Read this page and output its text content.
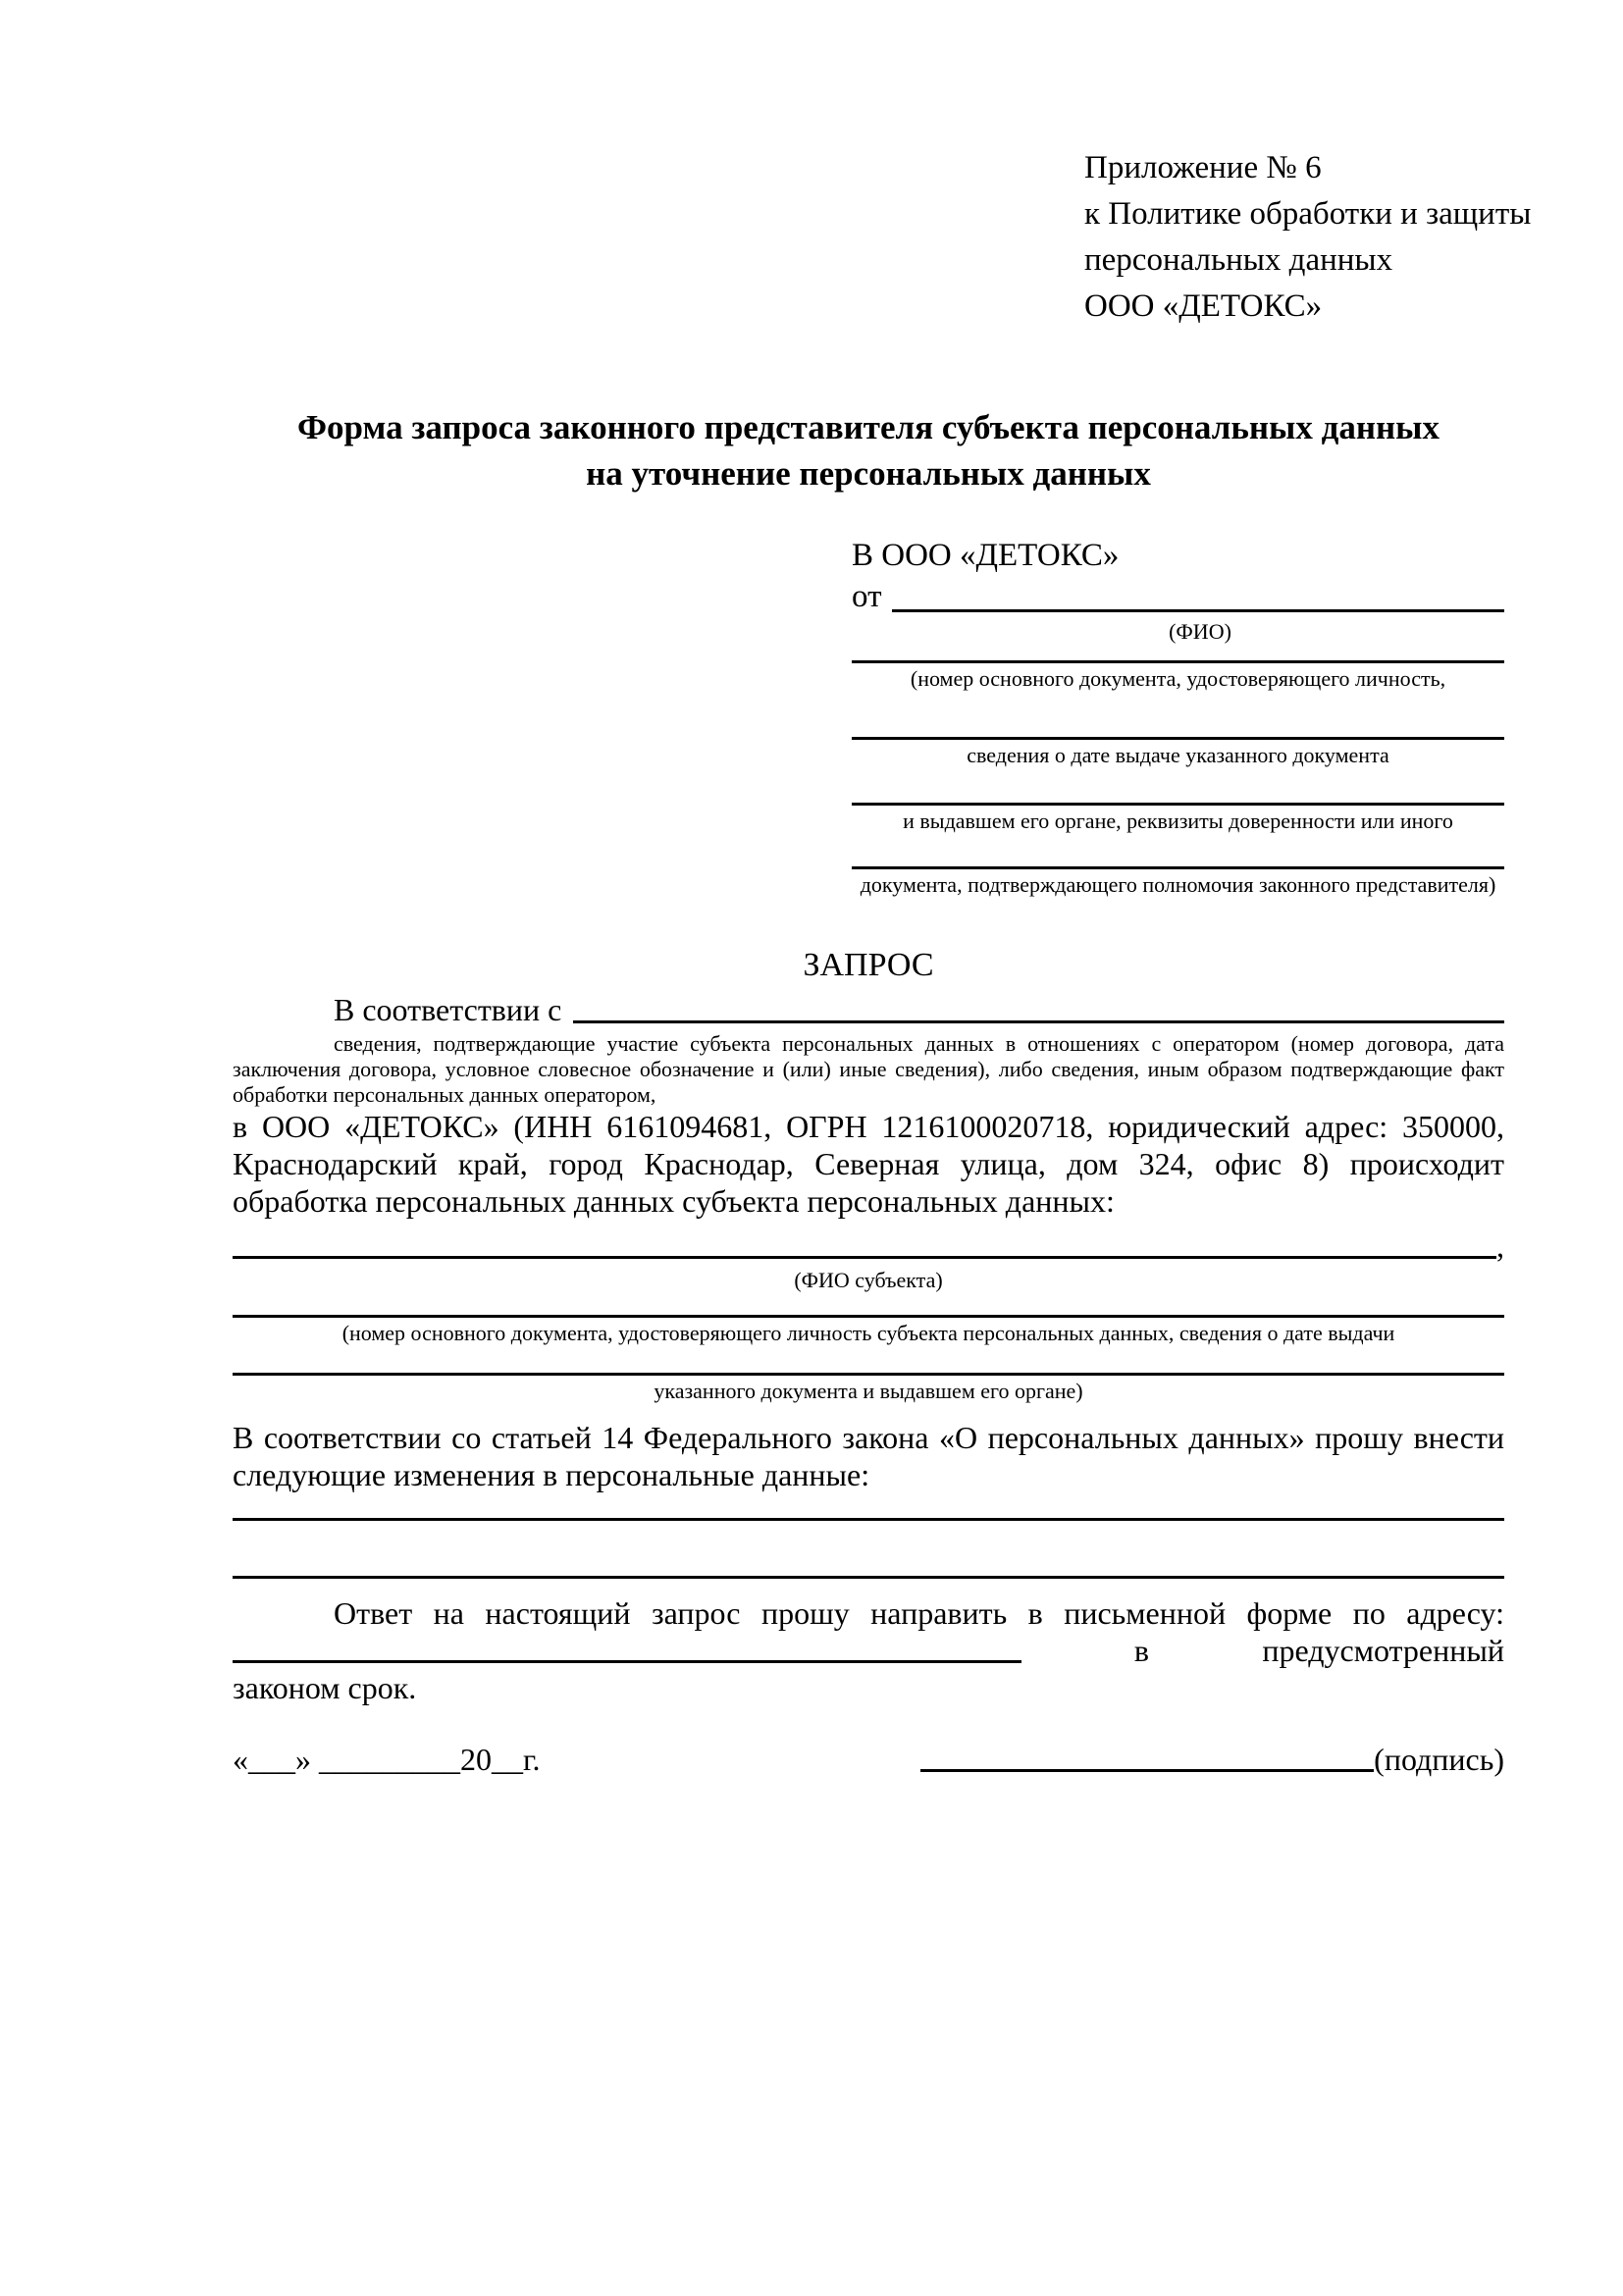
Приложение № 6
к Политике обработки и защиты
персональных данных
ООО «ДЕТОКС»
Форма запроса законного представителя субъекта персональных данных
на уточнение персональных данных
В ООО «ДЕТОКС»
от
(ФИО)
(номер основного документа, удостоверяющего личность,
сведения о дате выдаче указанного документа
и выдавшем его органе, реквизиты доверенности или иного
документа, подтверждающего полномочия законного представителя)
ЗАПРОС
В соответствии с
сведения, подтверждающие участие субъекта персональных данных в отношениях с оператором (номер договора, дата заключения договора, условное словесное обозначение и (или) иные сведения), либо сведения, иным образом подтверждающие факт обработки персональных данных оператором,

в ООО «ДЕТОКС» (ИНН 6161094681, ОГРН 1216100020718, юридический адрес: 350000, Краснодарский край, город Краснодар, Северная улица, дом 324, офис 8) происходит обработка персональных данных субъекта персональных данных:

,
(ФИО субъекта)
(номер основного документа, удостоверяющего личность субъекта персональных данных, сведения о дате выдачи
указанного документа и выдавшем его органе)

В соответствии со статьей 14 Федерального закона «О персональных данных» прошу внести следующие изменения в персональные данные:

Ответ на настоящий запрос прошу направить в письменной форме по адресу:
в	предусмотренный
законом срок.
«___» _________20__г.	(подпись)
